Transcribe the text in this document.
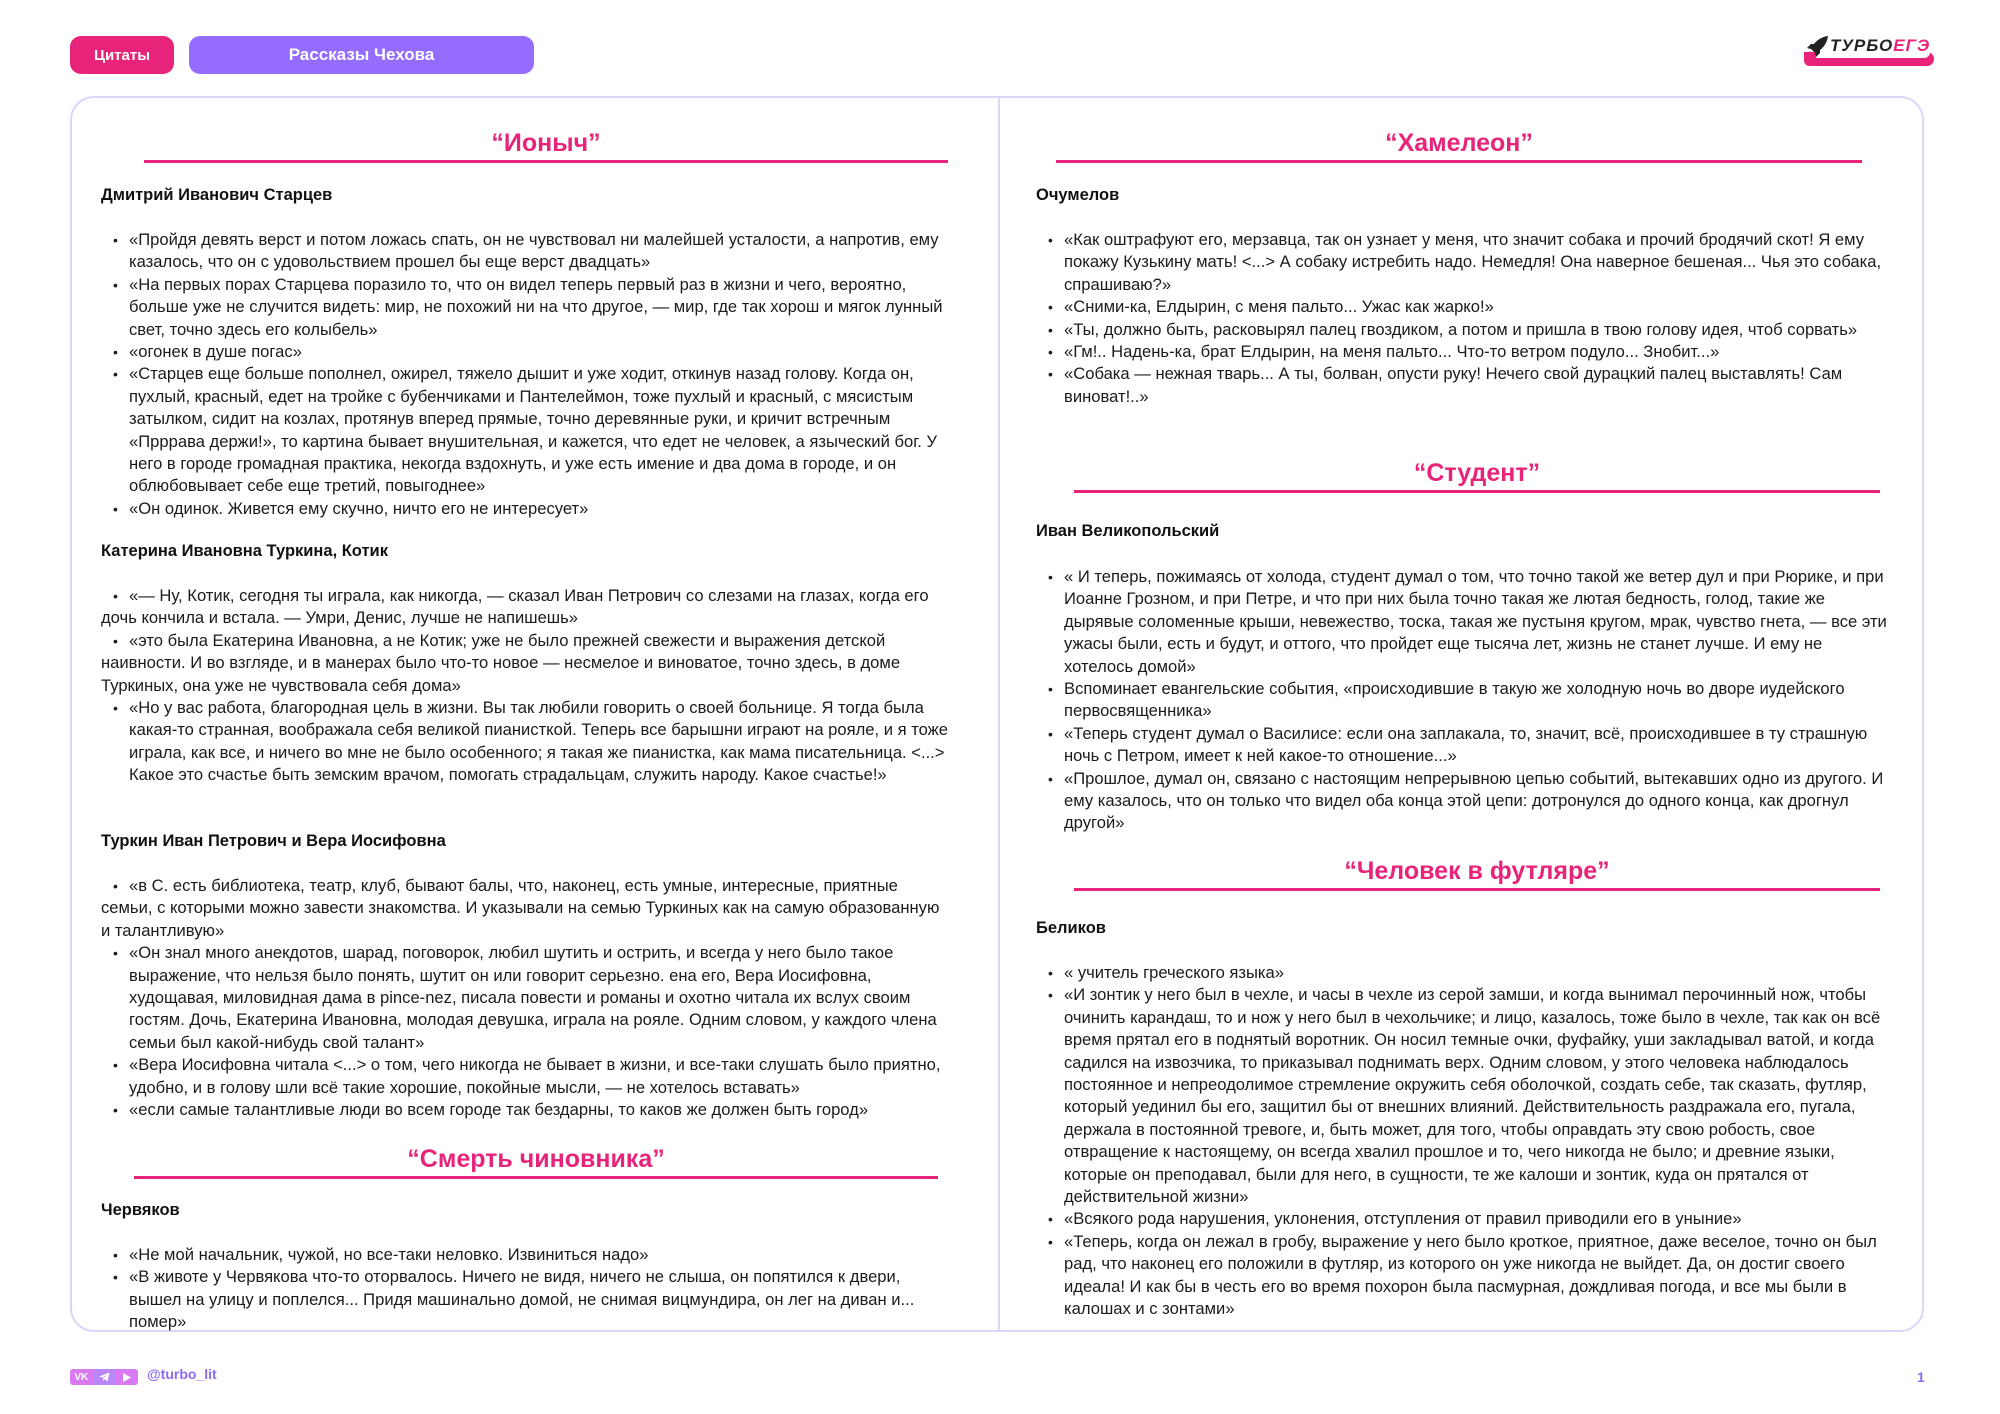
Цитаты	Рассказы Чехова	ТУРБОЕГЭ
“Ионыч”
Дмитрий Иванович Старцев
• «Пройдя девять верст и потом ложась спать, он не чувствовал ни малейшей усталости, а напротив, ему казалось, что он с удовольствием прошел бы еще верст двадцать»
• «На первых порах Старцева поразило то, что он видел теперь первый раз в жизни и чего, вероятно, больше уже не случится видеть: мир, не похожий ни на что другое, — мир, где так хорош и мягок лунный свет, точно здесь его колыбель»
• «огонек в душе погас»
• «Старцев еще больше пополнел, ожирел, тяжело дышит и уже ходит, откинув назад голову. Когда он, пухлый, красный, едет на тройке с бубенчиками и Пантелеймон, тоже пухлый и красный, с мясистым затылком, сидит на козлах, протянув вперед прямые, точно деревянные руки, и кричит встречным «Прррава держи!», то картина бывает внушительная, и кажется, что едет не человек, а языческий бог. У него в городе громадная практика, некогда вздохнуть, и уже есть имение и два дома в городе, и он облюбовывает себе еще третий, повыгоднее»
• «Он одинок. Живется ему скучно, ничто его не интересует»
Катерина Ивановна Туркина, Котик
• «— Ну, Котик, сегодня ты играла, как никогда, — сказал Иван Петрович со слезами на глазах, когда его дочь кончила и встала. — Умри, Денис, лучше не напишешь»
• «это была Екатерина Ивановна, а не Котик; уже не было прежней свежести и выражения детской наивности. И во взгляде, и в манерах было что-то новое — несмелое и виноватое, точно здесь, в доме Туркиных, она уже не чувствовала себя дома»
• «Но у вас работа, благородная цель в жизни. Вы так любили говорить о своей больнице. Я тогда была какая-то странная, воображала себя великой пианисткой. Теперь все барышни играют на рояле, и я тоже играла, как все, и ничего во мне не было особенного; я такая же пианистка, как мама писательница. <...> Какое это счастье быть земским врачом, помогать страдальцам, служить народу. Какое счастье!»
Туркин Иван Петрович и Вера Иосифовна
• «в С. есть библиотека, театр, клуб, бывают балы, что, наконец, есть умные, интересные, приятные семьи, с которыми можно завести знакомства. И указывали на семью Туркиных как на самую образованную и талантливую»
• «Он знал много анекдотов, шарад, поговорок, любил шутить и острить, и всегда у него было такое выражение, что нельзя было понять, шутит он или говорит серьезно. ена его, Вера Иосифовна, худощавая, миловидная дама в pince-nez, писала повести и романы и охотно читала их вслух своим гостям. Дочь, Екатерина Ивановна, молодая девушка, играла на рояле. Одним словом, у каждого члена семьи был какой-нибудь свой талант»
• «Вера Иосифовна читала <...> о том, чего никогда не бывает в жизни, и все-таки слушать было приятно, удобно, и в голову шли всё такие хорошие, покойные мысли, — не хотелось вставать»
• «если самые талантливые люди во всем городе так бездарны, то каков же должен быть город»
“Смерть чиновника”
Червяков
• «Не мой начальник, чужой, но все-таки неловко. Извиниться надо»
• «В животе у Червякова что-то оторвалось. Ничего не видя, ничего не слыша, он попятился к двери, вышел на улицу и поплелся... Придя машинально домой, не снимая вицмундира, он лег на диван и... помер»
“Хамелеон”
Очумелов
• «Как оштрафуют его, мерзавца, так он узнает у меня, что значит собака и прочий бродячий скот! Я ему покажу Кузькину мать! <...> А собаку истребить надо. Немедля! Она наверное бешеная... Чья это собака, спрашиваю?»
• «Сними-ка, Елдырин, с меня пальто... Ужас как жарко!»
• «Ты, должно быть, расковырял палец гвоздиком, а потом и пришла в твою голову идея, чтоб сорвать»
• «Гм!.. Надень-ка, брат Елдырин, на меня пальто... Что-то ветром подуло... Знобит...»
• «Собака — нежная тварь... А ты, болван, опусти руку! Нечего свой дурацкий палец выставлять! Сам виноват!..»
“Студент”
Иван Великопольский
• « И теперь, пожимаясь от холода, студент думал о том, что точно такой же ветер дул и при Рюрике, и при Иоанне Грозном, и при Петре, и что при них была точно такая же лютая бедность, голод, такие же дырявые соломенные крыши, невежество, тоска, такая же пустыня кругом, мрак, чувство гнета, — все эти ужасы были, есть и будут, и оттого, что пройдет еще тысяча лет, жизнь не станет лучше. И ему не хотелось домой»
• Вспоминает евангельские события, «происходившие в такую же холодную ночь во дворе иудейского первосвященника»
• «Теперь студент думал о Василисе: если она заплакала, то, значит, всё, происходившее в ту страшную ночь с Петром, имеет к ней какое-то отношение...»
• «Прошлое, думал он, связано с настоящим непрерывною цепью событий, вытекавших одно из другого. И ему казалось, что он только что видел оба конца этой цепи: дотронулся до одного конца, как дрогнул другой»
“Человек в футляре”
Беликов
• « учитель греческого языка»
• «И зонтик у него был в чехле, и часы в чехле из серой замши, и когда вынимал перочинный нож, чтобы очинить карандаш, то и нож у него был в чехольчике; и лицо, казалось, тоже было в чехле, так как он всё время прятал его в поднятый воротник. Он носил темные очки, фуфайку, уши закладывал ватой, и когда садился на извозчика, то приказывал поднимать верх. Одним словом, у этого человека наблюдалось постоянное и непреодолимое стремление окружить себя оболочкой, создать себе, так сказать, футляр, который уединил бы его, защитил бы от внешних влияний. Действительность раздражала его, пугала, держала в постоянной тревоге, и, быть может, для того, чтобы оправдать эту свою робость, свое отвращение к настоящему, он всегда хвалил прошлое и то, чего никогда не было; и древние языки, которые он преподавал, были для него, в сущности, те же калоши и зонтик, куда он прятался от действительной жизни»
• «Всякого рода нарушения, уклонения, отступления от правил приводили его в уныние»
• «Теперь, когда он лежал в гробу, выражение у него было кроткое, приятное, даже веселое, точно он был рад, что наконец его положили в футляр, из которого он уже никогда не выйдет. Да, он достиг своего идеала! И как бы в честь его во время похорон была пасмурная, дождливая погода, и все мы были в калошах и с зонтами»
VK	@turbo_lit	1
